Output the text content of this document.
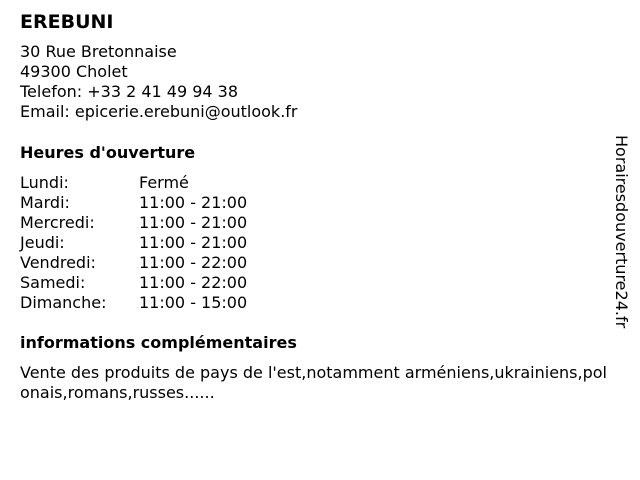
EREBUNI
30 Rue Bretonnaise
49300 Cholet
Telefon: +33 2 41 49 94 38
Email: epicerie.erebuni@outlook.fr
Heures d'ouverture
Lundi:	Fermé
Mardi:	11:00 - 21:00
Mercredi:	11:00 - 21:00
Jeudi:	11:00 - 21:00
Vendredi:	11:00 - 22:00
Samedi:	11:00 - 22:00
Dimanche:	11:00 - 15:00
informations complémentaires
Vente des produits de pays de l'est,notamment arméniens,ukrainiens,polonais,romans,russes......
Horairesdouverture24.fr
